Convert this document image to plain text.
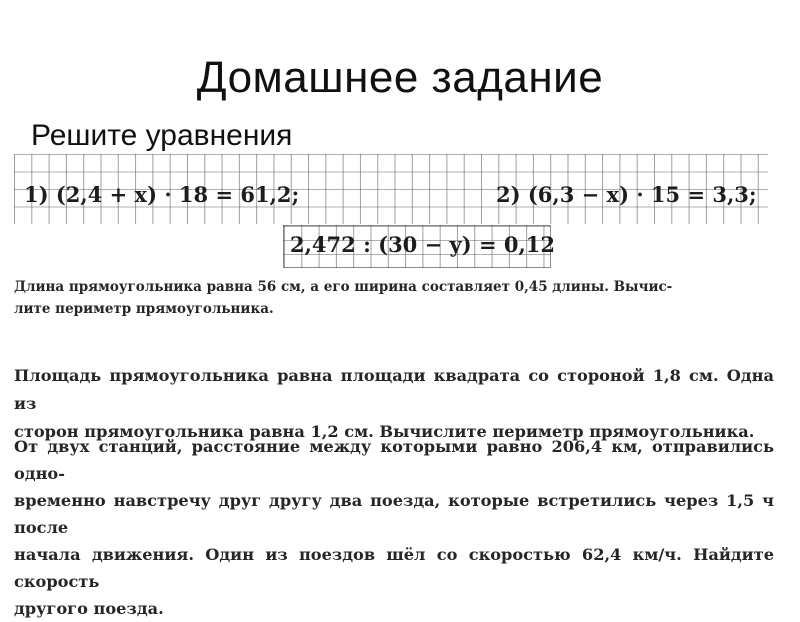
Домашнее задание
Решите уравнения
1) (2,4 + x) · 18 = 61,2;	2) (6,3 − x) · 15 = 3,3;
2,472 : (30 − y) = 0,12
Длина прямоугольника равна 56 см, а его ширина составляет 0,45 длины. Вычис-
лите периметр прямоугольника.
Площадь прямоугольника равна площади квадрата со стороной 1,8 см. Одна из
сторон прямоугольника равна 1,2 см. Вычислите периметр прямоугольника.
От двух станций, расстояние между которыми равно 206,4 км, отправились одно-
временно навстречу друг другу два поезда, которые встретились через 1,5 ч после
начала движения. Один из поездов шёл со скоростью 62,4 км/ч. Найдите скорость
другого поезда.
